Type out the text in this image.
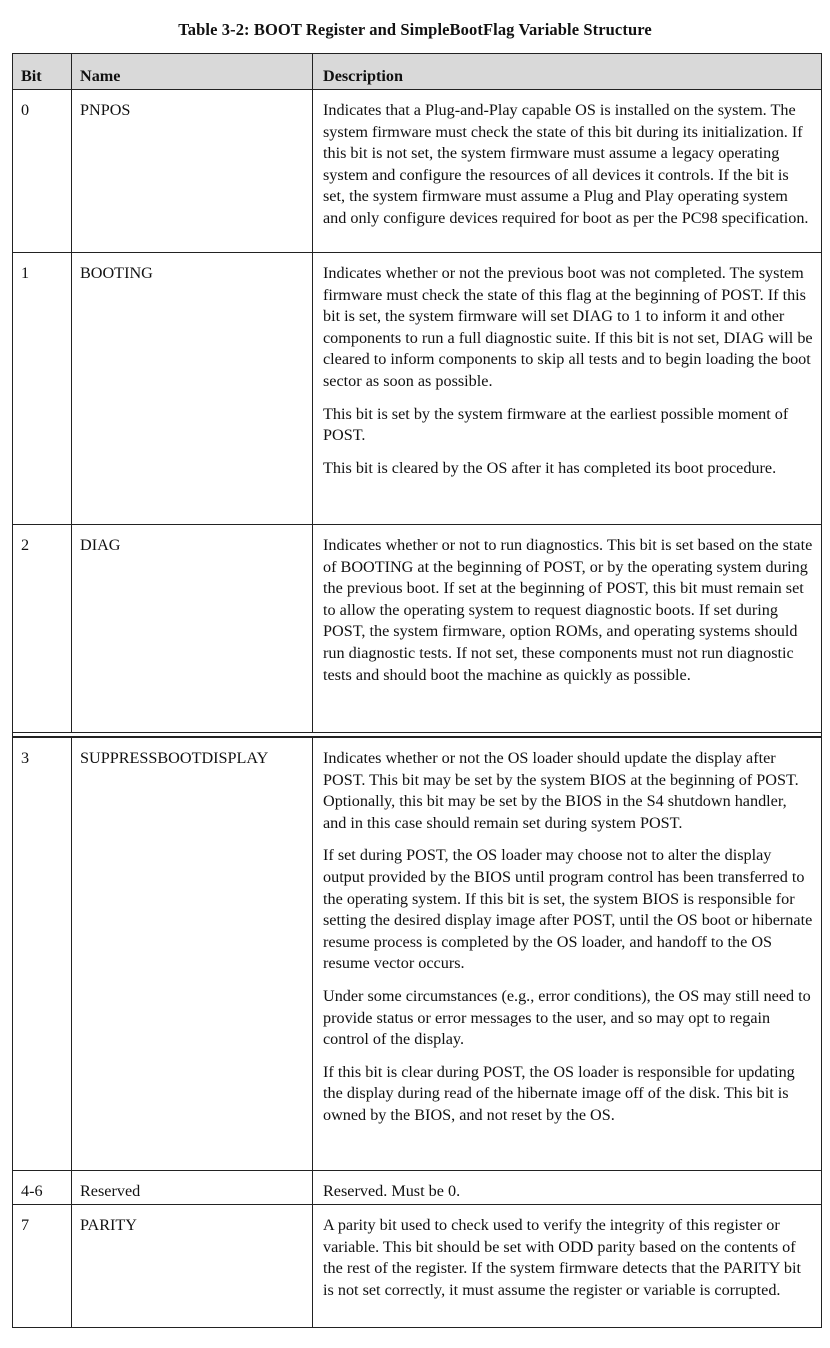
Table 3-2: BOOT Register and SimpleBootFlag Variable Structure
Bit	Name	Description
0	PNPOS	Indicates that a Plug-and-Play capable OS is installed on the system. The system firmware must check the state of this bit during its initialization. If this bit is not set, the system firmware must assume a legacy operating system and configure the resources of all devices it controls. If the bit is set, the system firmware must assume a Plug and Play operating system and only configure devices required for boot as per the PC98 specification.

1	BOOTING	Indicates whether or not the previous boot was not completed. The system firmware must check the state of this flag at the beginning of POST. If this bit is set, the system firmware will set DIAG to 1 to inform it and other components to run a full diagnostic suite. If this bit is not set, DIAG will be cleared to inform components to skip all tests and to begin loading the boot sector as soon as possible.

This bit is set by the system firmware at the earliest possible moment of POST.

This bit is cleared by the OS after it has completed its boot procedure.

2	DIAG	Indicates whether or not to run diagnostics. This bit is set based on the state of BOOTING at the beginning of POST, or by the operating system during the previous boot. If set at the beginning of POST, this bit must remain set to allow the operating system to request diagnostic boots. If set during POST, the system firmware, option ROMs, and operating systems should run diagnostic tests. If not set, these components must not run diagnostic tests and should boot the machine as quickly as possible.

3	SUPPRESSBOOTDISPLAY	Indicates whether or not the OS loader should update the display after POST. This bit may be set by the system BIOS at the beginning of POST. Optionally, this bit may be set by the BIOS in the S4 shutdown handler, and in this case should remain set during system POST.

If set during POST, the OS loader may choose not to alter the display output provided by the BIOS until program control has been transferred to the operating system. If this bit is set, the system BIOS is responsible for setting the desired display image after POST, until the OS boot or hibernate resume process is completed by the OS loader, and handoff to the OS resume vector occurs.

Under some circumstances (e.g., error conditions), the OS may still need to provide status or error messages to the user, and so may opt to regain control of the display.

If this bit is clear during POST, the OS loader is responsible for updating the display during read of the hibernate image off of the disk. This bit is owned by the BIOS, and not reset by the OS.

4-6	Reserved	Reserved. Must be 0.

7	PARITY	A parity bit used to check used to verify the integrity of this register or variable. This bit should be set with ODD parity based on the contents of the rest of the register. If the system firmware detects that the PARITY bit is not set correctly, it must assume the register or variable is corrupted.
